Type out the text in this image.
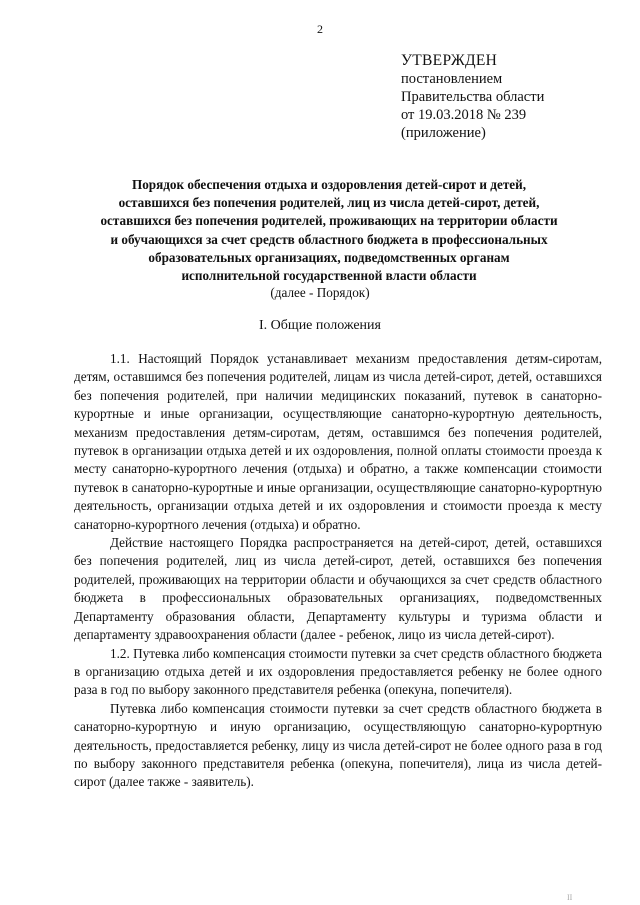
2
УТВЕРЖДЕН
постановлением
Правительства области
от 19.03.2018 № 239
(приложение)
Порядок обеспечения отдыха и оздоровления детей-сирот и детей, оставшихся без попечения родителей, лиц из числа детей-сирот, детей, оставшихся без попечения родителей, проживающих на территории области и обучающихся за счет средств областного бюджета в профессиональных образовательных организациях, подведомственных органам исполнительной государственной власти области
(далее - Порядок)
I. Общие положения

1.1. Настоящий Порядок устанавливает механизм предоставления детям-сиротам, детям, оставшимся без попечения родителей, лицам из числа детей-сирот, детей, оставшихся без попечения родителей, при наличии медицинских показаний, путевок в санаторно-курортные и иные организации, осуществляющие санаторно-курортную деятельность, механизм предоставления детям-сиротам, детям, оставшимся без попечения родителей, путевок в организации отдыха детей и их оздоровления, полной оплаты стоимости проезда к месту санаторно-курортного лечения (отдыха) и обратно, а также компенсации стоимости путевок в санаторно-курортные и иные организации, осуществляющие санаторно-курортную деятельность, организации отдыха детей и их оздоровления и стоимости проезда к месту санаторно-курортного лечения (отдыха) и обратно.

Действие настоящего Порядка распространяется на детей-сирот, детей, оставшихся без попечения родителей, лиц из числа детей-сирот, детей, оставшихся без попечения родителей, проживающих на территории области и обучающихся за счет средств областного бюджета в профессиональных образовательных организациях, подведомственных Департаменту образования области, Департаменту культуры и туризма области и департаменту здравоохранения области (далее - ребенок, лицо из числа детей-сирот).

1.2. Путевка либо компенсация стоимости путевки за счет средств областного бюджета в организацию отдыха детей и их оздоровления предоставляется ребенку не более одного раза в год по выбору законного представителя ребенка (опекуна, попечителя).

Путевка либо компенсация стоимости путевки за счет средств областного бюджета в санаторно-курортную и иную организацию, осуществляющую санаторно-курортную деятельность, предоставляется ребенку, лицу из числа детей-сирот не более одного раза в год по выбору законного представителя ребенка (опекуна, попечителя), лица из числа детей-сирот (далее также - заявитель).

II
